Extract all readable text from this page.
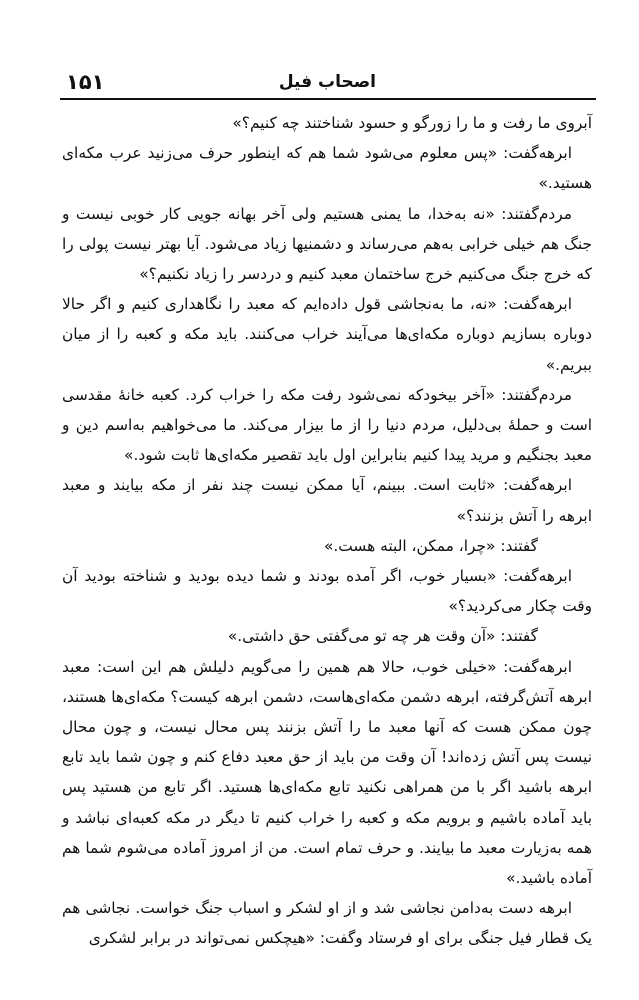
۱۵۱	اصحاب فیل

آبروی ما رفت و ما را زورگو و حسود شناختند چه کنیم؟»

ابرهه‌گفت: «پس معلوم می‌شود شما هم که اینطور حرف می‌زنید عرب مکه‌ای هستید.»

مردم‌گفتند: «نه به‌خدا، ما یمنی هستیم ولی آخر بهانه جویی کار خوبی نیست و جنگ هم خیلی خرابی به‌هم می‌رساند و دشمنیها زیاد می‌شود. آیا بهتر نیست پولی را که خرج جنگ می‌کنیم خرج ساختمان معبد کنیم و دردسر را زیاد نکنیم؟»

ابرهه‌گفت: «نه، ما به‌نجاشی قول داده‌ایم که معبد را نگاهداری کنیم و اگر حالا دوباره بسازیم دوباره مکه‌ای‌ها می‌آیند خراب می‌کنند. باید مکه و کعبه را از میان ببریم.»

مردم‌گفتند: «آخر بیخودکه نمی‌شود رفت مکه را خراب کرد. کعبه خانهٔ مقدسی است و حملهٔ بی‌دلیل، مردم دنیا را از ما بیزار می‌کند. ما می‌خواهیم به‌اسم دین و معبد بجنگیم و مرید پیدا کنیم بنابراین اول باید تقصیر مکه‌ای‌ها ثابت شود.»

ابرهه‌گفت: «ثابت است. ببینم، آیا ممکن نیست چند نفر از مکه بیایند و معبد ابرهه را آتش بزنند؟»

گفتند: «چرا، ممکن، البته هست.»

ابرهه‌گفت: «بسیار خوب، اگر آمده بودند و شما دیده بودید و شناخته بودید آن وقت چکار می‌کردید؟»

گفتند: «آن وقت هر چه تو می‌گفتی حق داشتی.»

ابرهه‌گفت: «خیلی خوب، حالا هم همین را می‌گویم دلیلش هم این است: معبد ابرهه آتش‌گرفته، ابرهه دشمن مکه‌ای‌هاست، دشمن ابرهه کیست؟ مکه‌ای‌ها هستند، چون ممکن هست که آنها معبد ما را آتش بزنند پس محال نیست، و چون محال نیست پس آتش زده‌اند! آن وقت من باید از حق معبد دفاع کنم و چون شما باید تابع ابرهه باشید اگر با من همراهی نکنید تابع مکه‌ای‌ها هستید. اگر تابع من هستید پس باید آماده باشیم و برویم مکه و کعبه را خراب کنیم تا دیگر در مکه کعبه‌ای نباشد و همه به‌زیارت معبد ما بیایند. و حرف تمام است. من از امروز آماده می‌شوم شما هم آماده باشید.»

ابرهه دست به‌دامن نجاشی شد و از او لشکر و اسباب جنگ خواست. نجاشی هم یک قطار فیل جنگی برای او فرستاد وگفت: «هیچکس نمی‌تواند در برابر لشکری
